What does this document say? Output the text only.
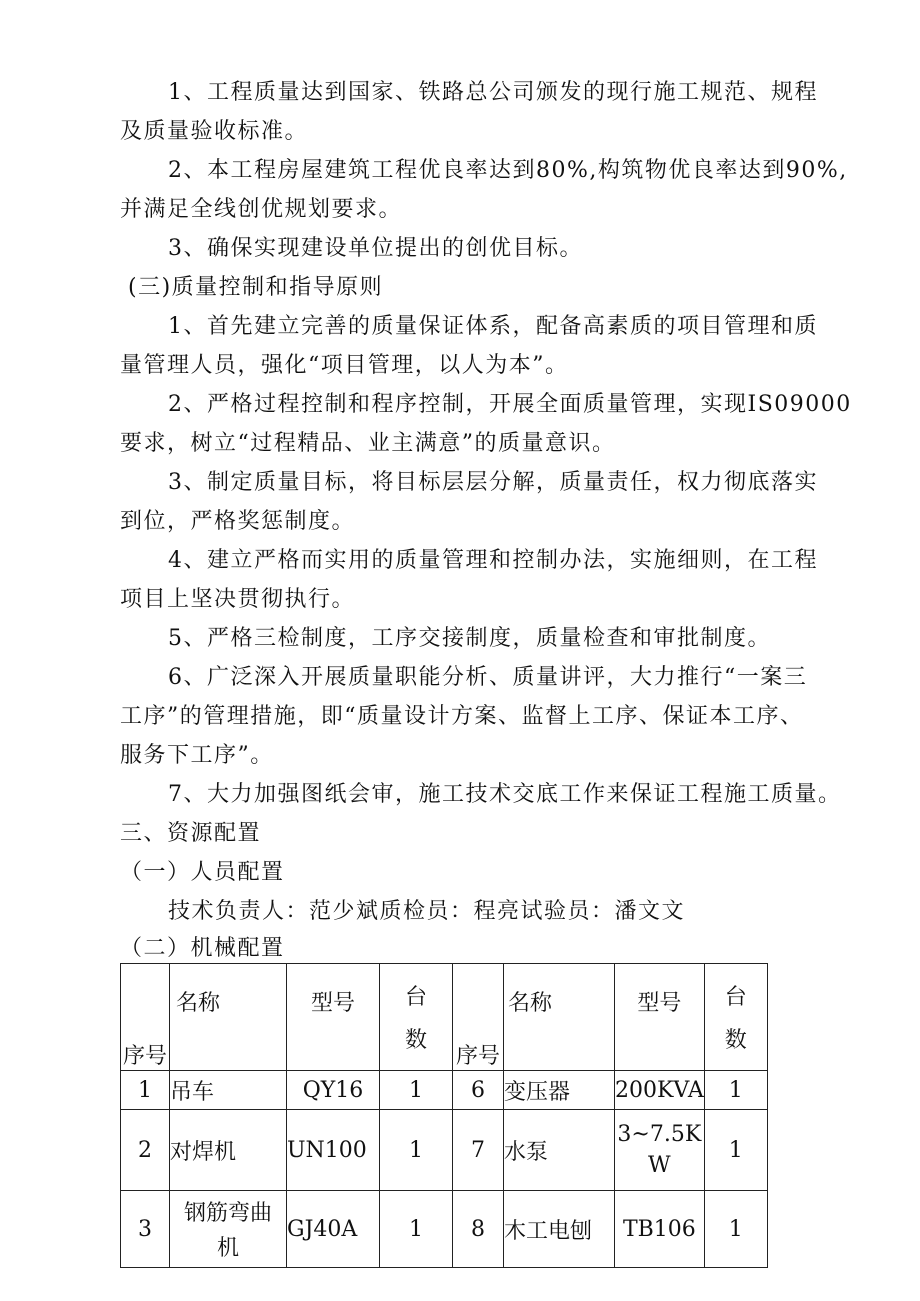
1、工程质量达到国家、铁路总公司颁发的现行施工规范、规程
及质量验收标准。
2、本工程房屋建筑工程优良率达到80%,构筑物优良率达到90%,
并满足全线创优规划要求。
3、确保实现建设单位提出的创优目标。
(三)质量控制和指导原则
1、首先建立完善的质量保证体系，配备高素质的项目管理和质
量管理人员，强化“项目管理，以人为本”。
2、严格过程控制和程序控制，开展全面质量管理，实现IS09000
要求，树立“过程精品、业主满意”的质量意识。
3、制定质量目标，将目标层层分解，质量责任，权力彻底落实
到位，严格奖惩制度。
4、建立严格而实用的质量管理和控制办法，实施细则，在工程
项目上坚决贯彻执行。
5、严格三检制度，工序交接制度，质量检查和审批制度。
6、广泛深入开展质量职能分析、质量讲评，大力推行“一案三
工序”的管理措施，即“质量设计方案、监督上工序、保证本工序、
服务下工序”。
7、大力加强图纸会审，施工技术交底工作来保证工程施工质量。
三、资源配置
（一）人员配置
技术负责人：范少斌质检员：程亮试验员：潘文文
（二）机械配置
序号	名称	型号	台
数	序号	名称	型号	台
数

1	吊车	QY16	1	6	变压器	200KVA	1
2	对焊机	UN100	1	7	水泵	3~7.5K
W	1
3	钢筋弯曲
机	GJ40A	1	8	木工电刨	TB106	1
